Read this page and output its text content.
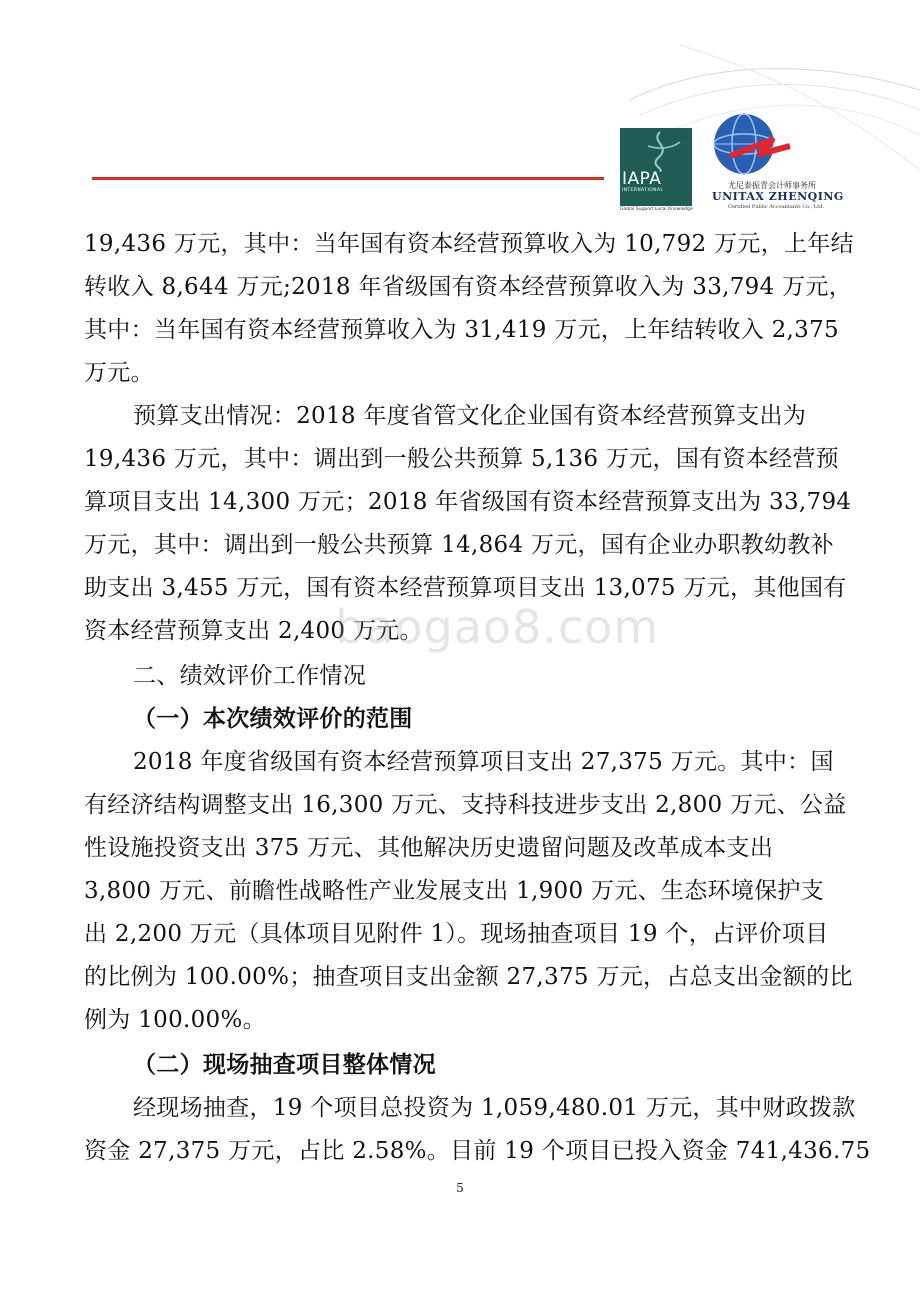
IAPA
INTERNATIONAL
Global Support Local Knowledge
尤尼泰振青会计师事务所
UNITAX ZHENQING
Certified Public Accountants Co., Ltd.
19,436 万元，其中：当年国有资本经营预算收入为 10,792 万元，上年结
转收入 8,644 万元;2018 年省级国有资本经营预算收入为 33,794 万元，
其中：当年国有资本经营预算收入为 31,419 万元，上年结转收入 2,375
万元。
预算支出情况：2018 年度省管文化企业国有资本经营预算支出为
19,436 万元，其中：调出到一般公共预算 5,136 万元，国有资本经营预
算项目支出 14,300 万元；2018 年省级国有资本经营预算支出为 33,794
万元，其中：调出到一般公共预算 14,864 万元，国有企业办职教幼教补
助支出 3,455 万元，国有资本经营预算项目支出 13,075 万元，其他国有
资本经营预算支出 2,400 万元。
二、绩效评价工作情况
（一）本次绩效评价的范围
2018 年度省级国有资本经营预算项目支出 27,375 万元。其中：国
有经济结构调整支出 16,300 万元、支持科技进步支出 2,800 万元、公益
性设施投资支出 375 万元、其他解决历史遗留问题及改革成本支出
3,800 万元、前瞻性战略性产业发展支出 1,900 万元、生态环境保护支
出 2,200 万元（具体项目见附件 1）。现场抽查项目 19 个，占评价项目
的比例为 100.00%；抽查项目支出金额 27,375 万元，占总支出金额的比
例为 100.00%。
（二）现场抽查项目整体情况
经现场抽查，19 个项目总投资为 1,059,480.01 万元，其中财政拨款
资金 27,375 万元，占比 2.58%。目前 19 个项目已投入资金 741,436.75
baogao8.com
5
